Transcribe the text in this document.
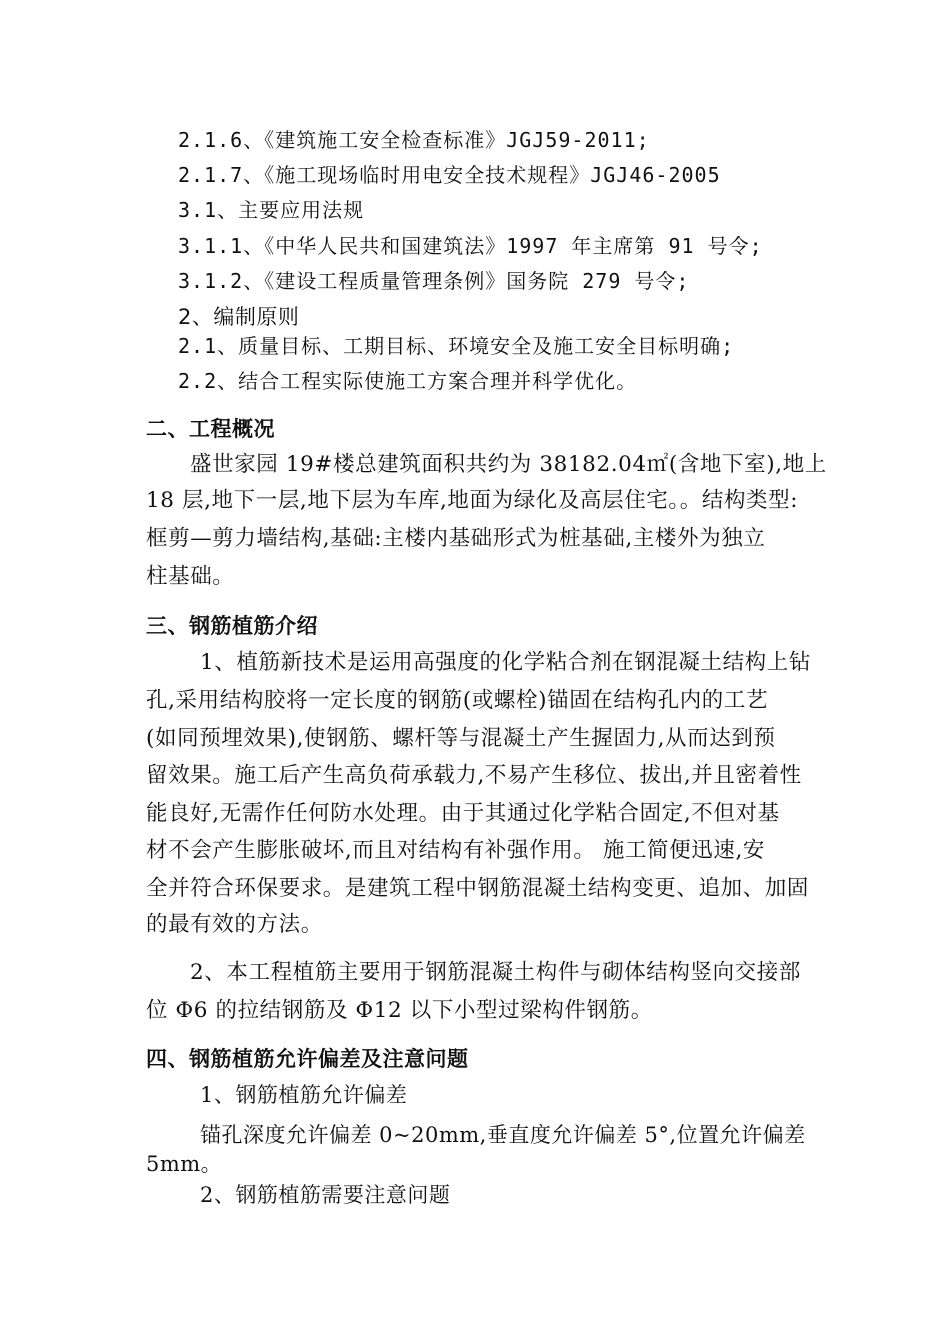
2.1.6、《建筑施工安全检查标准》JGJ59-2011;
2.1.7、《施工现场临时用电安全技术规程》JGJ46-2005
3.1、主要应用法规
3.1.1、《中华人民共和国建筑法》1997 年主席第 91 号令;
3.1.2、《建设工程质量管理条例》国务院 279 号令;
2、编制原则
2.1、质量目标、工期目标、环境安全及施工安全目标明确;
2.2、结合工程实际使施工方案合理并科学优化。
二、工程概况
盛世家园 19#楼总建筑面积共约为 38182.04㎡(含地下室),地上
18 层,地下一层,地下层为车库,地面为绿化及高层住宅。。结构类型:
框剪—剪力墙结构,基础:主楼内基础形式为桩基础,主楼外为独立
柱基础。
三、钢筋植筋介绍
1、植筋新技术是运用高强度的化学粘合剂在钢混凝土结构上钻
孔,采用结构胶将一定长度的钢筋(或螺栓)锚固在结构孔内的工艺
(如同预埋效果),使钢筋、螺杆等与混凝土产生握固力,从而达到预
留效果。施工后产生高负荷承载力,不易产生移位、拔出,并且密着性
能良好,无需作任何防水处理。由于其通过化学粘合固定,不但对基
材不会产生膨胀破坏,而且对结构有补强作用。 施工简便迅速,安
全并符合环保要求。是建筑工程中钢筋混凝土结构变更、追加、加固
的最有效的方法。
2、本工程植筋主要用于钢筋混凝土构件与砌体结构竖向交接部
位 Φ6 的拉结钢筋及 Φ12 以下小型过梁构件钢筋。
四、钢筋植筋允许偏差及注意问题
1、钢筋植筋允许偏差
锚孔深度允许偏差 0~20mm,垂直度允许偏差 5°,位置允许偏差
5mm。
2、钢筋植筋需要注意问题
